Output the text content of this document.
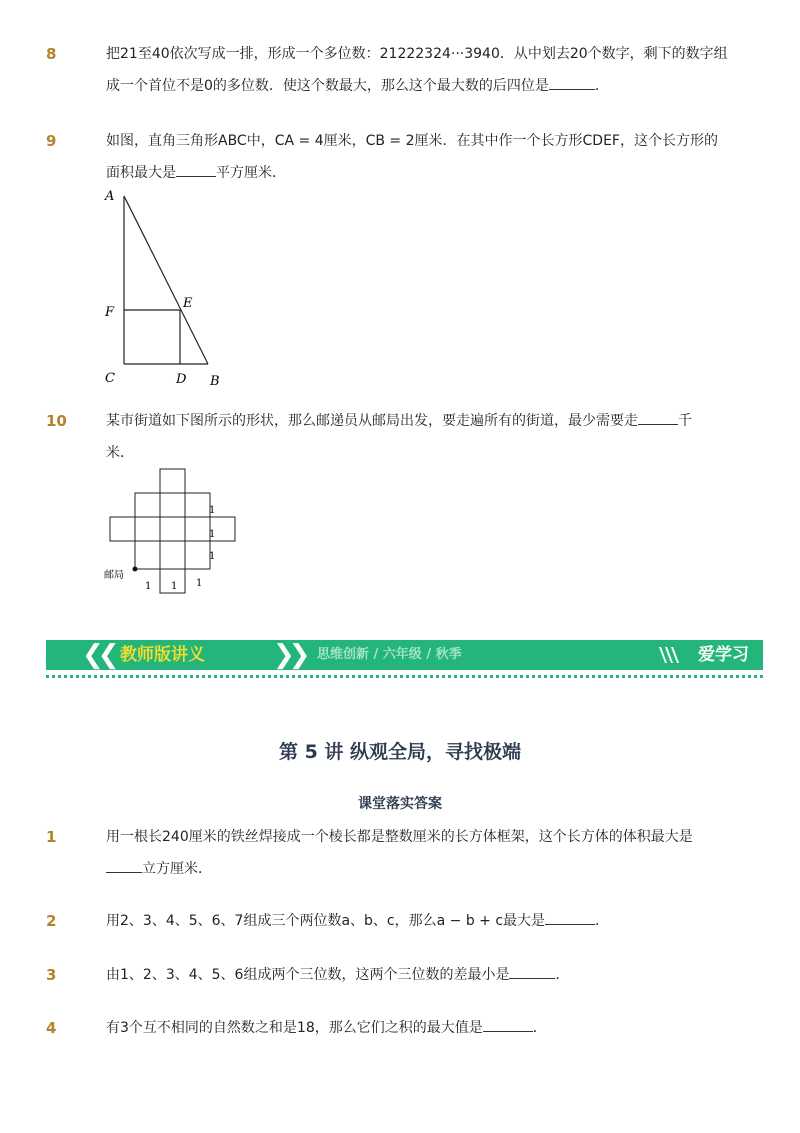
8	把21至40依次写成一排，形成一个多位数：21222324···3940．从中划去20个数字，剩下的数字组
成一个首位不是0的多位数．使这个数最大，那么这个最大数的后四位是	．
9	如图，直角三角形ABC中，CA = 4厘米，CB = 2厘米．在其中作一个长方形CDEF，这个长方形的
面积最大是	平方厘米．
A
F
E
C	D B
10	某市街道如下图所示的形状，那么邮递员从邮局出发，要走遍所有的街道，最少需要走	千
米．
邮局
1
1
1
1 1 1
❮❮ 教师版讲义	❯❯ 思维创新 / 六年级 / 秋季	爱学习
第 5 讲 纵观全局，寻找极端
课堂落实答案
1	用一根长240厘米的铁丝焊接成一个棱长都是整数厘米的长方体框架，这个长方体的体积最大是
立方厘米．
2	用2、3、4、5、6、7组成三个两位数a、b、c，那么a − b + c最大是	．
3	由1、2、3、4、5、6组成两个三位数，这两个三位数的差最小是	．
4	有3个互不相同的自然数之和是18，那么它们之积的最大值是	．
